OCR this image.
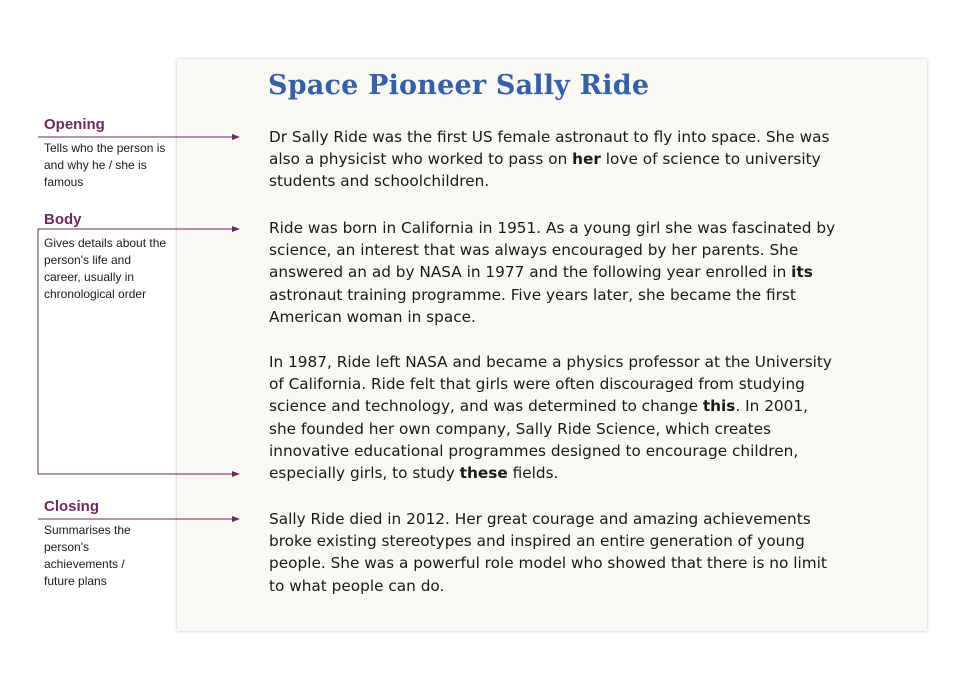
Space Pioneer Sally Ride

Dr Sally Ride was the first US female astronaut to fly into space. She was also a physicist who worked to pass on her love of science to university students and schoolchildren.

Ride was born in California in 1951. As a young girl she was fascinated by science, an interest that was always encouraged by her parents. She answered an ad by NASA in 1977 and the following year enrolled in its astronaut training programme. Five years later, she became the first American woman in space.

In 1987, Ride left NASA and became a physics professor at the University of California. Ride felt that girls were often discouraged from studying science and technology, and was determined to change this. In 2001, she founded her own company, Sally Ride Science, which creates innovative educational programmes designed to encourage children, especially girls, to study these fields.

Sally Ride died in 2012. Her great courage and amazing achievements broke existing stereotypes and inspired an entire generation of young people. She was a powerful role model who showed that there is no limit to what people can do.

Opening
Tells who the person is and why he / she is famous
Body
Gives details about the person's life and career, usually in chronological order
Closing
Summarises the person's achievements / future plans
